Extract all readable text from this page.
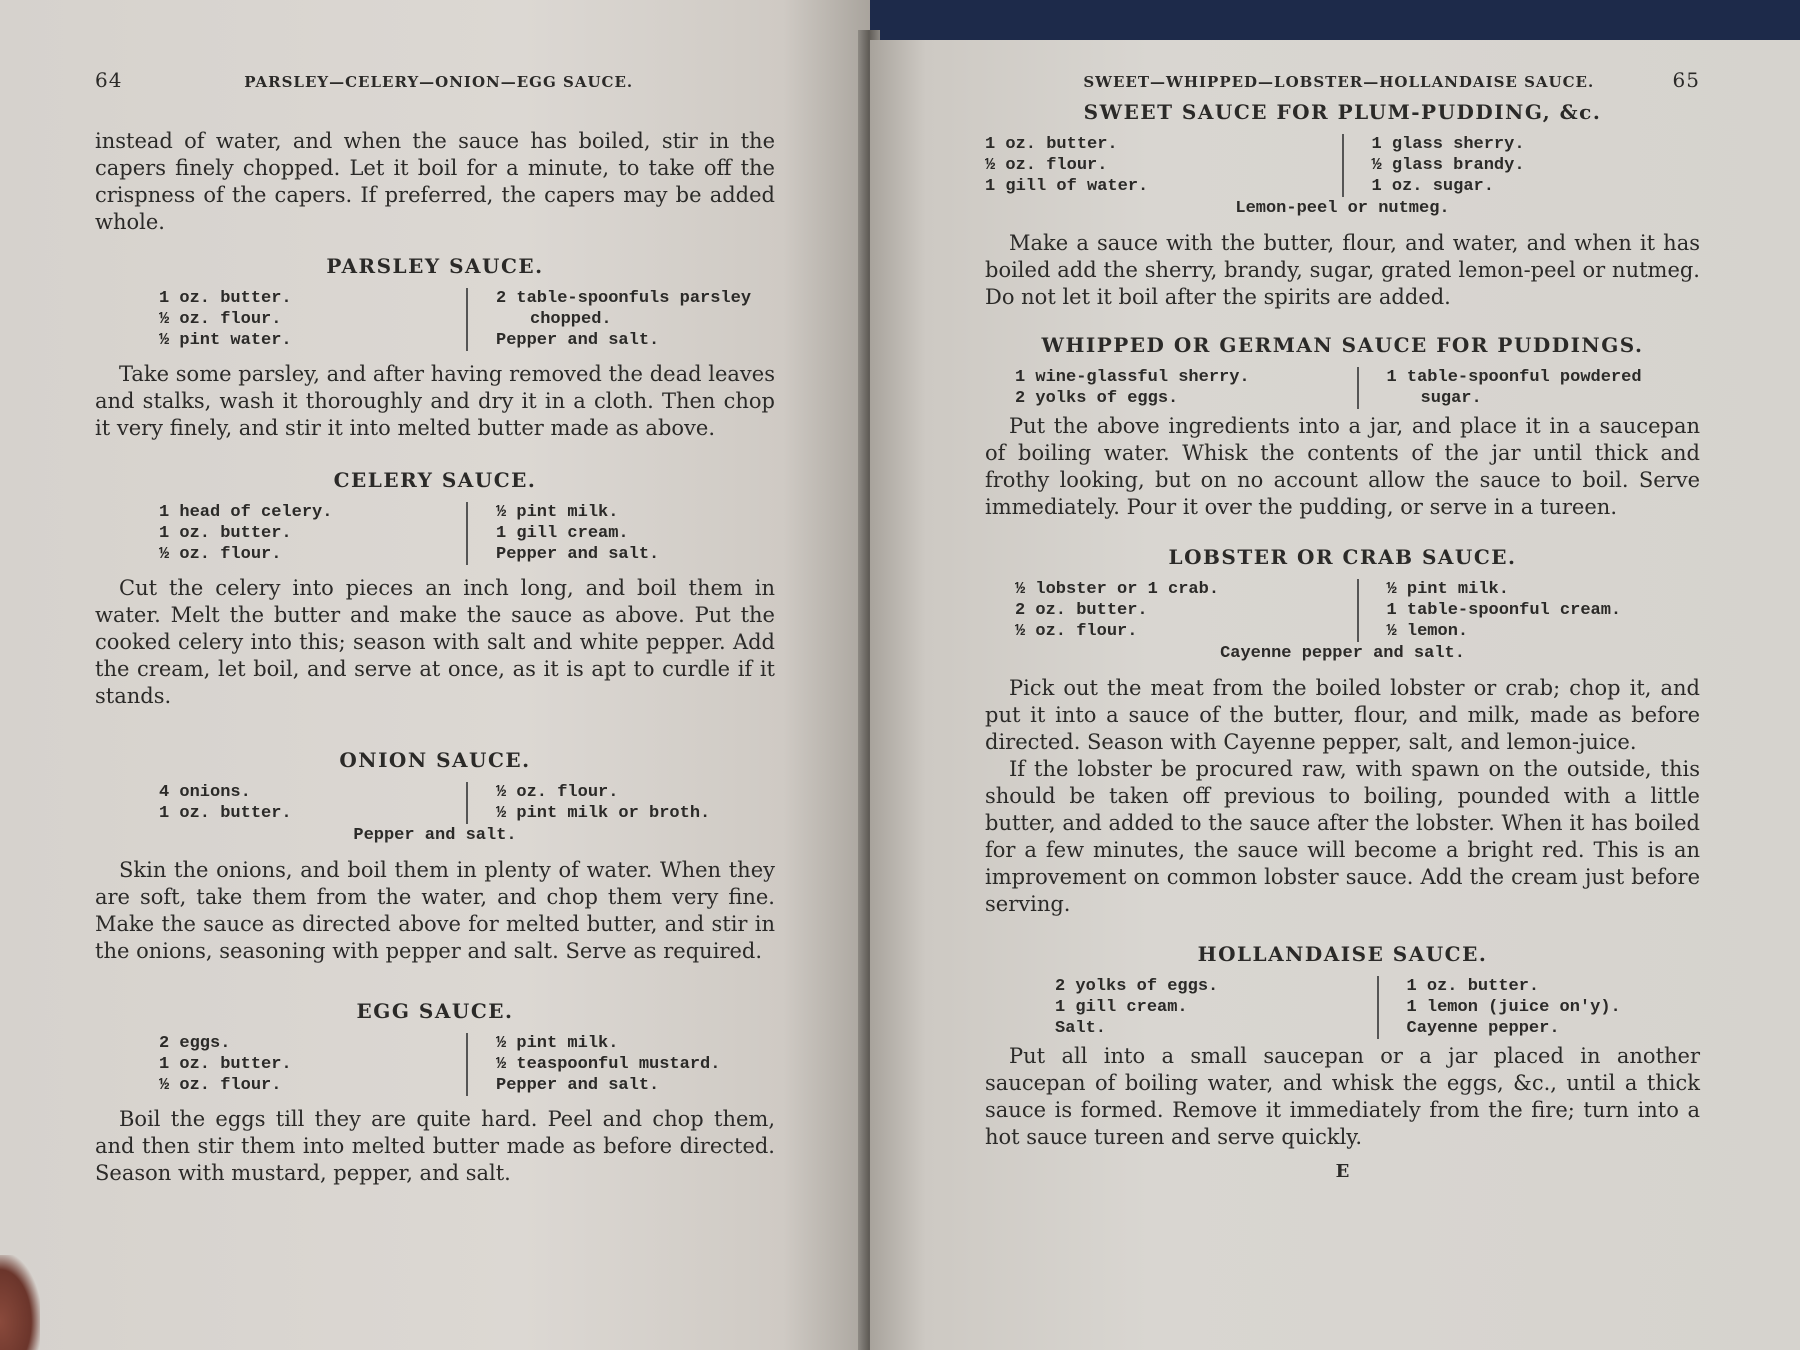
64	PARSLEY—CELERY—ONION—EGG SAUCE.

instead of water, and when the sauce has boiled, stir in the capers finely chopped. Let it boil for a minute, to take off the crispness of the capers. If preferred, the capers may be added whole.

PARSLEY SAUCE.
1 oz. butter.
½ oz. flour.
½ pint water.
2 table-spoonfuls parsley
chopped.
Pepper and salt.

Take some parsley, and after having removed the dead leaves and stalks, wash it thoroughly and dry it in a cloth. Then chop it very finely, and stir it into melted butter made as above.

CELERY SAUCE.
1 head of celery.
1 oz. butter.
½ oz. flour.
½ pint milk.
1 gill cream.
Pepper and salt.

Cut the celery into pieces an inch long, and boil them in water. Melt the butter and make the sauce as above. Put the cooked celery into this; season with salt and white pepper. Add the cream, let boil, and serve at once, as it is apt to curdle if it stands.

ONION SAUCE.
4 onions.
1 oz. butter.
½ oz. flour.
½ pint milk or broth.
Pepper and salt.

Skin the onions, and boil them in plenty of water. When they are soft, take them from the water, and chop them very fine. Make the sauce as directed above for melted butter, and stir in the onions, seasoning with pepper and salt. Serve as required.

EGG SAUCE.
2 eggs.
1 oz. butter.
½ oz. flour.
½ pint milk.
½ teaspoonful mustard.
Pepper and salt.

Boil the eggs till they are quite hard. Peel and chop them, and then stir them into melted butter made as before directed. Season with mustard, pepper, and salt.

SWEET—WHIPPED—LOBSTER—HOLLANDAISE SAUCE.	65
SWEET SAUCE FOR PLUM-PUDDING, &c.
1 oz. butter.
½ oz. flour.
1 gill of water.
1 glass sherry.
½ glass brandy.
1 oz. sugar.
Lemon-peel or nutmeg.

Make a sauce with the butter, flour, and water, and when it has boiled add the sherry, brandy, sugar, grated lemon-peel or nutmeg. Do not let it boil after the spirits are added.

WHIPPED OR GERMAN SAUCE FOR PUDDINGS.
1 wine-glassful sherry.
2 yolks of eggs.
1 table-spoonful powdered
sugar.

Put the above ingredients into a jar, and place it in a saucepan of boiling water. Whisk the contents of the jar until thick and frothy looking, but on no account allow the sauce to boil. Serve immediately. Pour it over the pudding, or serve in a tureen.

LOBSTER OR CRAB SAUCE.
½ lobster or 1 crab.
2 oz. butter.
½ oz. flour.
½ pint milk.
1 table-spoonful cream.
½ lemon.
Cayenne pepper and salt.

Pick out the meat from the boiled lobster or crab; chop it, and put it into a sauce of the butter, flour, and milk, made as before directed. Season with Cayenne pepper, salt, and lemon-juice.

If the lobster be procured raw, with spawn on the outside, this should be taken off previous to boiling, pounded with a little butter, and added to the sauce after the lobster. When it has boiled for a few minutes, the sauce will become a bright red. This is an improvement on common lobster sauce. Add the cream just before serving.

HOLLANDAISE SAUCE.
2 yolks of eggs.
1 gill cream.
Salt.
1 oz. butter.
1 lemon (juice on'y).
Cayenne pepper.

Put all into a small saucepan or a jar placed in another saucepan of boiling water, and whisk the eggs, &c., until a thick sauce is formed. Remove it immediately from the fire; turn into a hot sauce tureen and serve quickly.

E
